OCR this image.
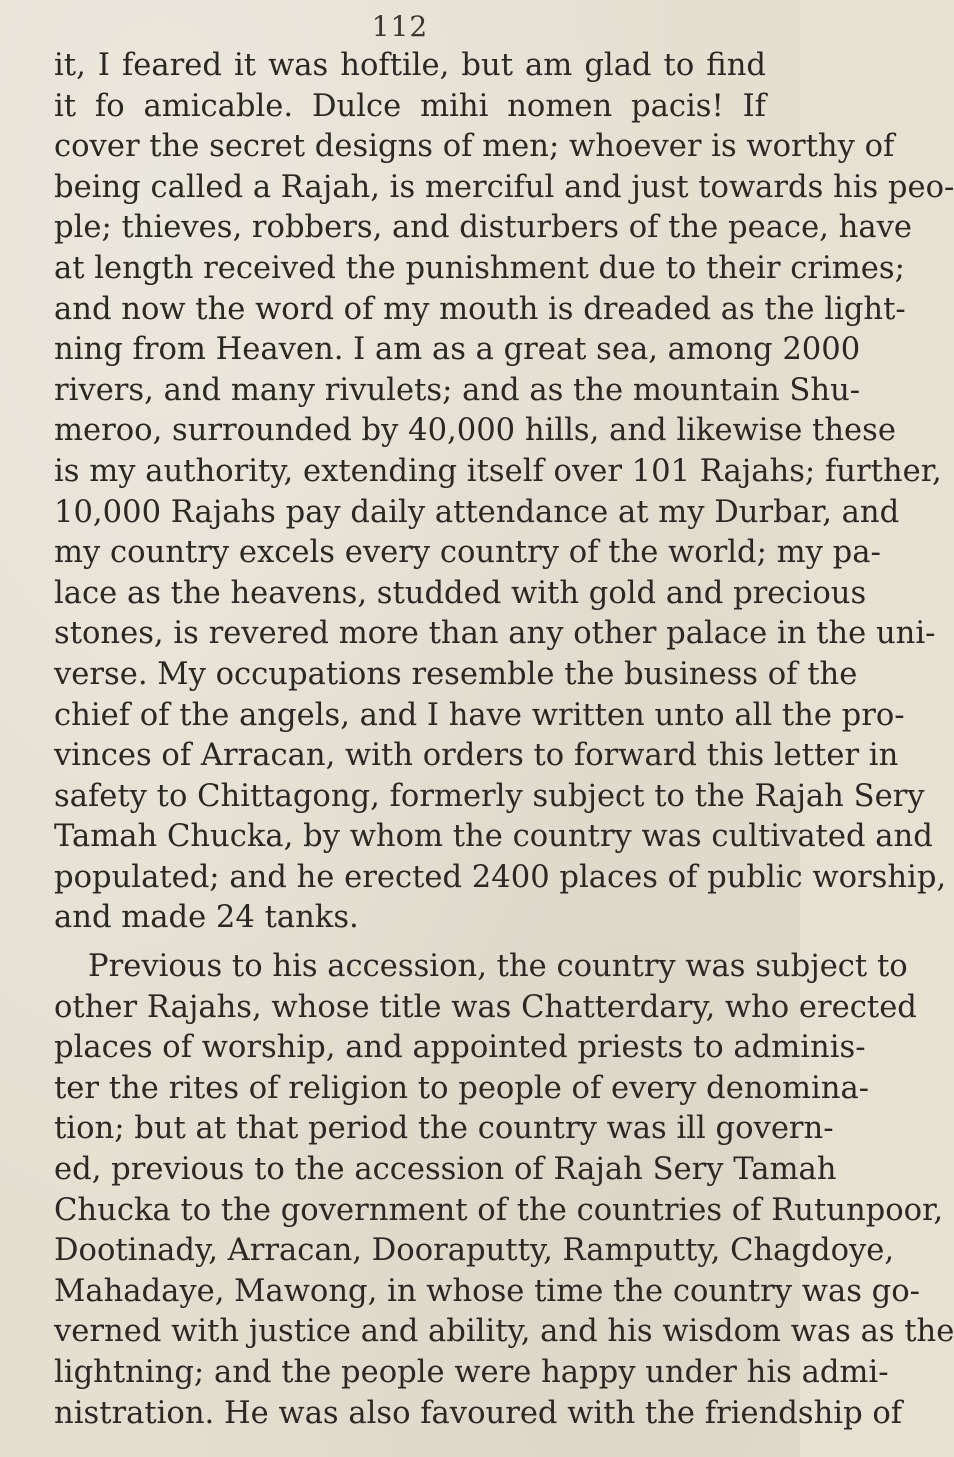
112
it, I feared it was hoftile, but am glad to find
it fo amicable. Dulce mihi nomen pacis! If
cover the secret designs of men; whoever is worthy of
being called a Rajah, is merciful and just towards his peo-
ple; thieves, robbers, and disturbers of the peace, have
at length received the punishment due to their crimes;
and now the word of my mouth is dreaded as the light-
ning from Heaven. I am as a great sea, among 2000
rivers, and many rivulets; and as the mountain Shu-
meroo, surrounded by 40,000 hills, and likewise these
is my authority, extending itself over 101 Rajahs; further,
10,000 Rajahs pay daily attendance at my Durbar, and
my country excels every country of the world; my pa-
lace as the heavens, studded with gold and precious
stones, is revered more than any other palace in the uni-
verse. My occupations resemble the business of the
chief of the angels, and I have written unto all the pro-
vinces of Arracan, with orders to forward this letter in
safety to Chittagong, formerly subject to the Rajah Sery
Tamah Chucka, by whom the country was cultivated and
populated; and he erected 2400 places of public worship,
and made 24 tanks.
Previous to his accession, the country was subject to
other Rajahs, whose title was Chatterdary, who erected
places of worship, and appointed priests to adminis-
ter the rites of religion to people of every denomina-
tion; but at that period the country was ill govern-
ed, previous to the accession of Rajah Sery Tamah
Chucka to the government of the countries of Rutunpoor,
Dootinady, Arracan, Dooraputty, Ramputty, Chagdoye,
Mahadaye, Mawong, in whose time the country was go-
verned with justice and ability, and his wisdom was as the
lightning; and the people were happy under his admi-
nistration. He was also favoured with the friendship of
